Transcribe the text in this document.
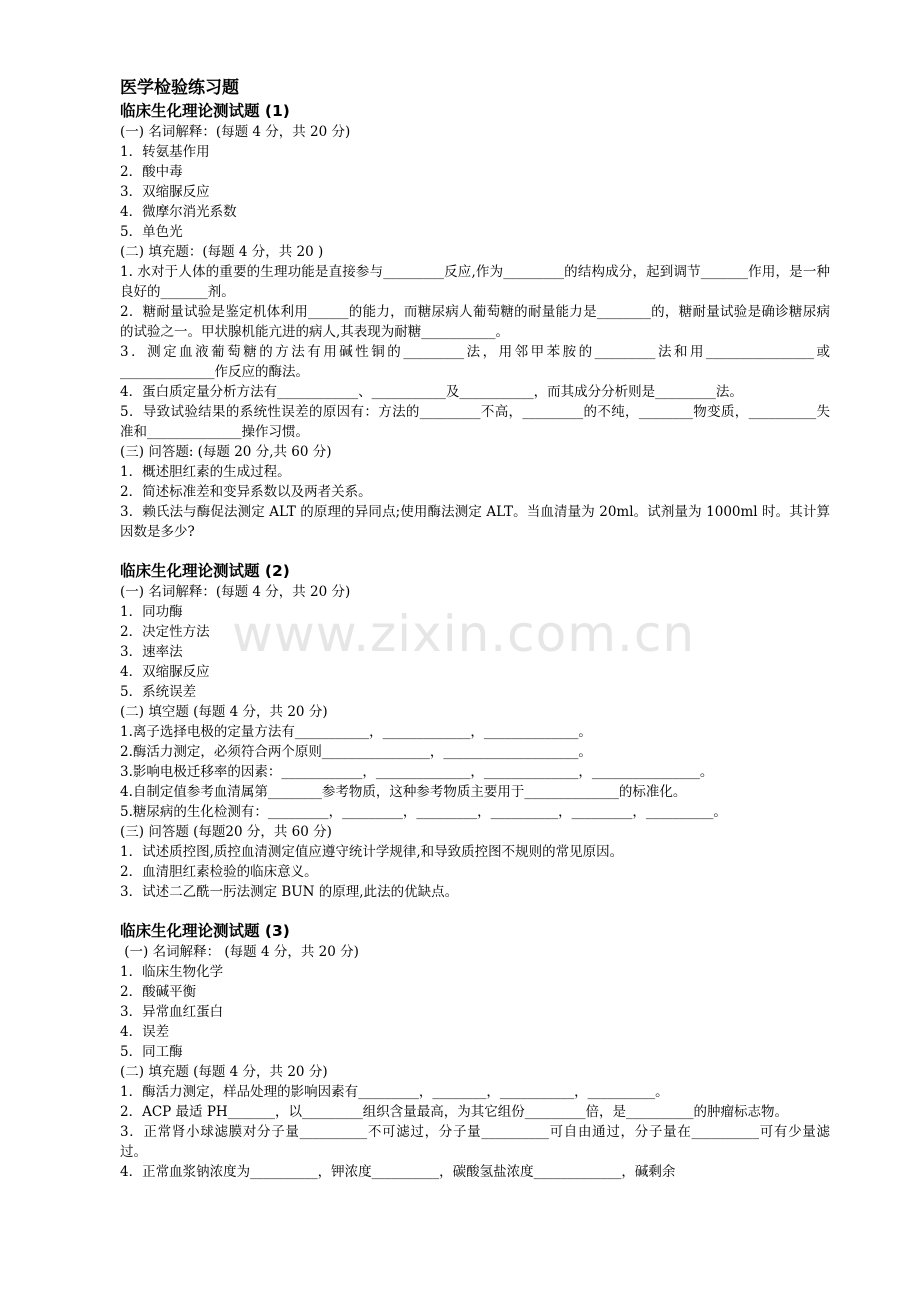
www.zixin.com.cn
医学检验练习题
临床生化理论测试题 (1)
(一) 名词解释：(每题 4 分，共 20 分)
1．转氨基作用
2．酸中毒
3．双缩脲反应
4．微摩尔消光系数
5．单色光
(二) 填充题：(每题 4 分，共 20 )
1. 水对于人体的重要的生理功能是直接参与_________反应,作为_________的结构成分，起到调节_______作用，是一种良好的_______剂。
2．糖耐量试验是鉴定机体利用______的能力，而糖尿病人葡萄糖的耐量能力是________的，糖耐量试验是确诊糖尿病的试验之一。甲状腺机能亢进的病人,其表现为耐糖___________。
3．测定血液葡萄糖的方法有用碱性铜的_________法，用邻甲苯胺的_________法和用________________或______________作反应的酶法。
4．蛋白质定量分析方法有____________、___________及___________，而其成分分析则是_________法。
5．导致试验结果的系统性误差的原因有：方法的_________不高，_________的不纯，________物变质，__________失准和______________操作习惯。
(三) 问答题: (每题 20 分,共 60 分)
1．概述胆红素的生成过程。
2．简述标准差和变异系数以及两者关系。
3．赖氏法与酶促法测定 ALT 的原理的异同点;使用酶法测定 ALT。当血清量为 20ml。试剂量为 1000ml 时。其计算因数是多少?
临床生化理论测试题 (2)
(一) 名词解释：(每题 4 分，共 20 分)
1．同功酶
2．决定性方法
3．速率法
4．双缩脲反应
5．系统误差
(二) 填空题 (每题 4 分，共 20 分)
1.离子选择电极的定量方法有___________，_____________，______________。
2.酶活力测定，必须符合两个原则________________，____________________。
3.影响电极迁移率的因素：____________，______________，______________，________________。
4.自制定值参考血清属第________参考物质，这种参考物质主要用于______________的标准化。
5.糖尿病的生化检测有：_________，_________，_________，__________，_________，__________。
(三) 问答题 (每题20 分，共 60 分)
1．试述质控图,质控血清测定值应遵守统计学规律,和导致质控图不规则的常见原因。
2．血清胆红素检验的临床意义。
3．试述二乙酰一肟法测定 BUN 的原理,此法的优缺点。
临床生化理论测试题 (3)
(一) 名词解释： (每题 4 分，共 20 分)
1．临床生物化学
2．酸碱平衡
3．异常血红蛋白
4．误差
5．同工酶
(二) 填充题 (每题 4 分，共 20 分)
1．酶活力测定，样品处理的影响因素有_________，________，___________，__________。
2．ACP 最适 PH_______，以_________组织含量最高，为其它组份_________倍，是__________的肿瘤标志物。
3．正常肾小球滤膜对分子量__________不可滤过，分子量__________可自由通过，分子量在__________可有少量滤过。
4．正常血浆钠浓度为__________，钾浓度__________，碳酸氢盐浓度_____________，碱剩余
